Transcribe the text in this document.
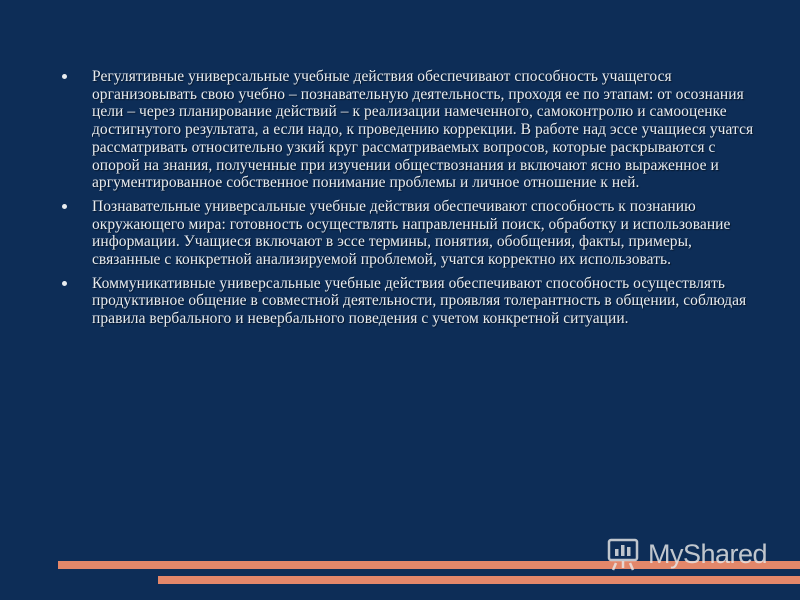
Регулятивные универсальные учебные действия обеспечивают способность учащегося организовывать свою учебно – познавательную деятельность, проходя ее по этапам: от осознания цели – через планирование действий – к реализации намеченного, самоконтролю и самооценке достигнутого результата, а если надо, к проведению коррекции. В работе над эссе учащиеся учатся рассматривать относительно узкий круг рассматриваемых вопросов, которые раскрываются с опорой на знания, полученные при изучении обществознания и включают ясно выраженное и аргументированное собственное понимание проблемы и личное отношение к ней.
Познавательные универсальные учебные действия обеспечивают способность к познанию окружающего мира: готовность осуществлять направленный поиск, обработку и использование информации. Учащиеся включают в эссе термины, понятия, обобщения, факты, примеры, связанные с конкретной анализируемой проблемой, учатся корректно их использовать.
Коммуникативные универсальные учебные действия обеспечивают способность осуществлять продуктивное общение в совместной деятельности, проявляя толерантность в общении, соблюдая правила вербального и невербального поведения с учетом конкретной ситуации.
MyShared
